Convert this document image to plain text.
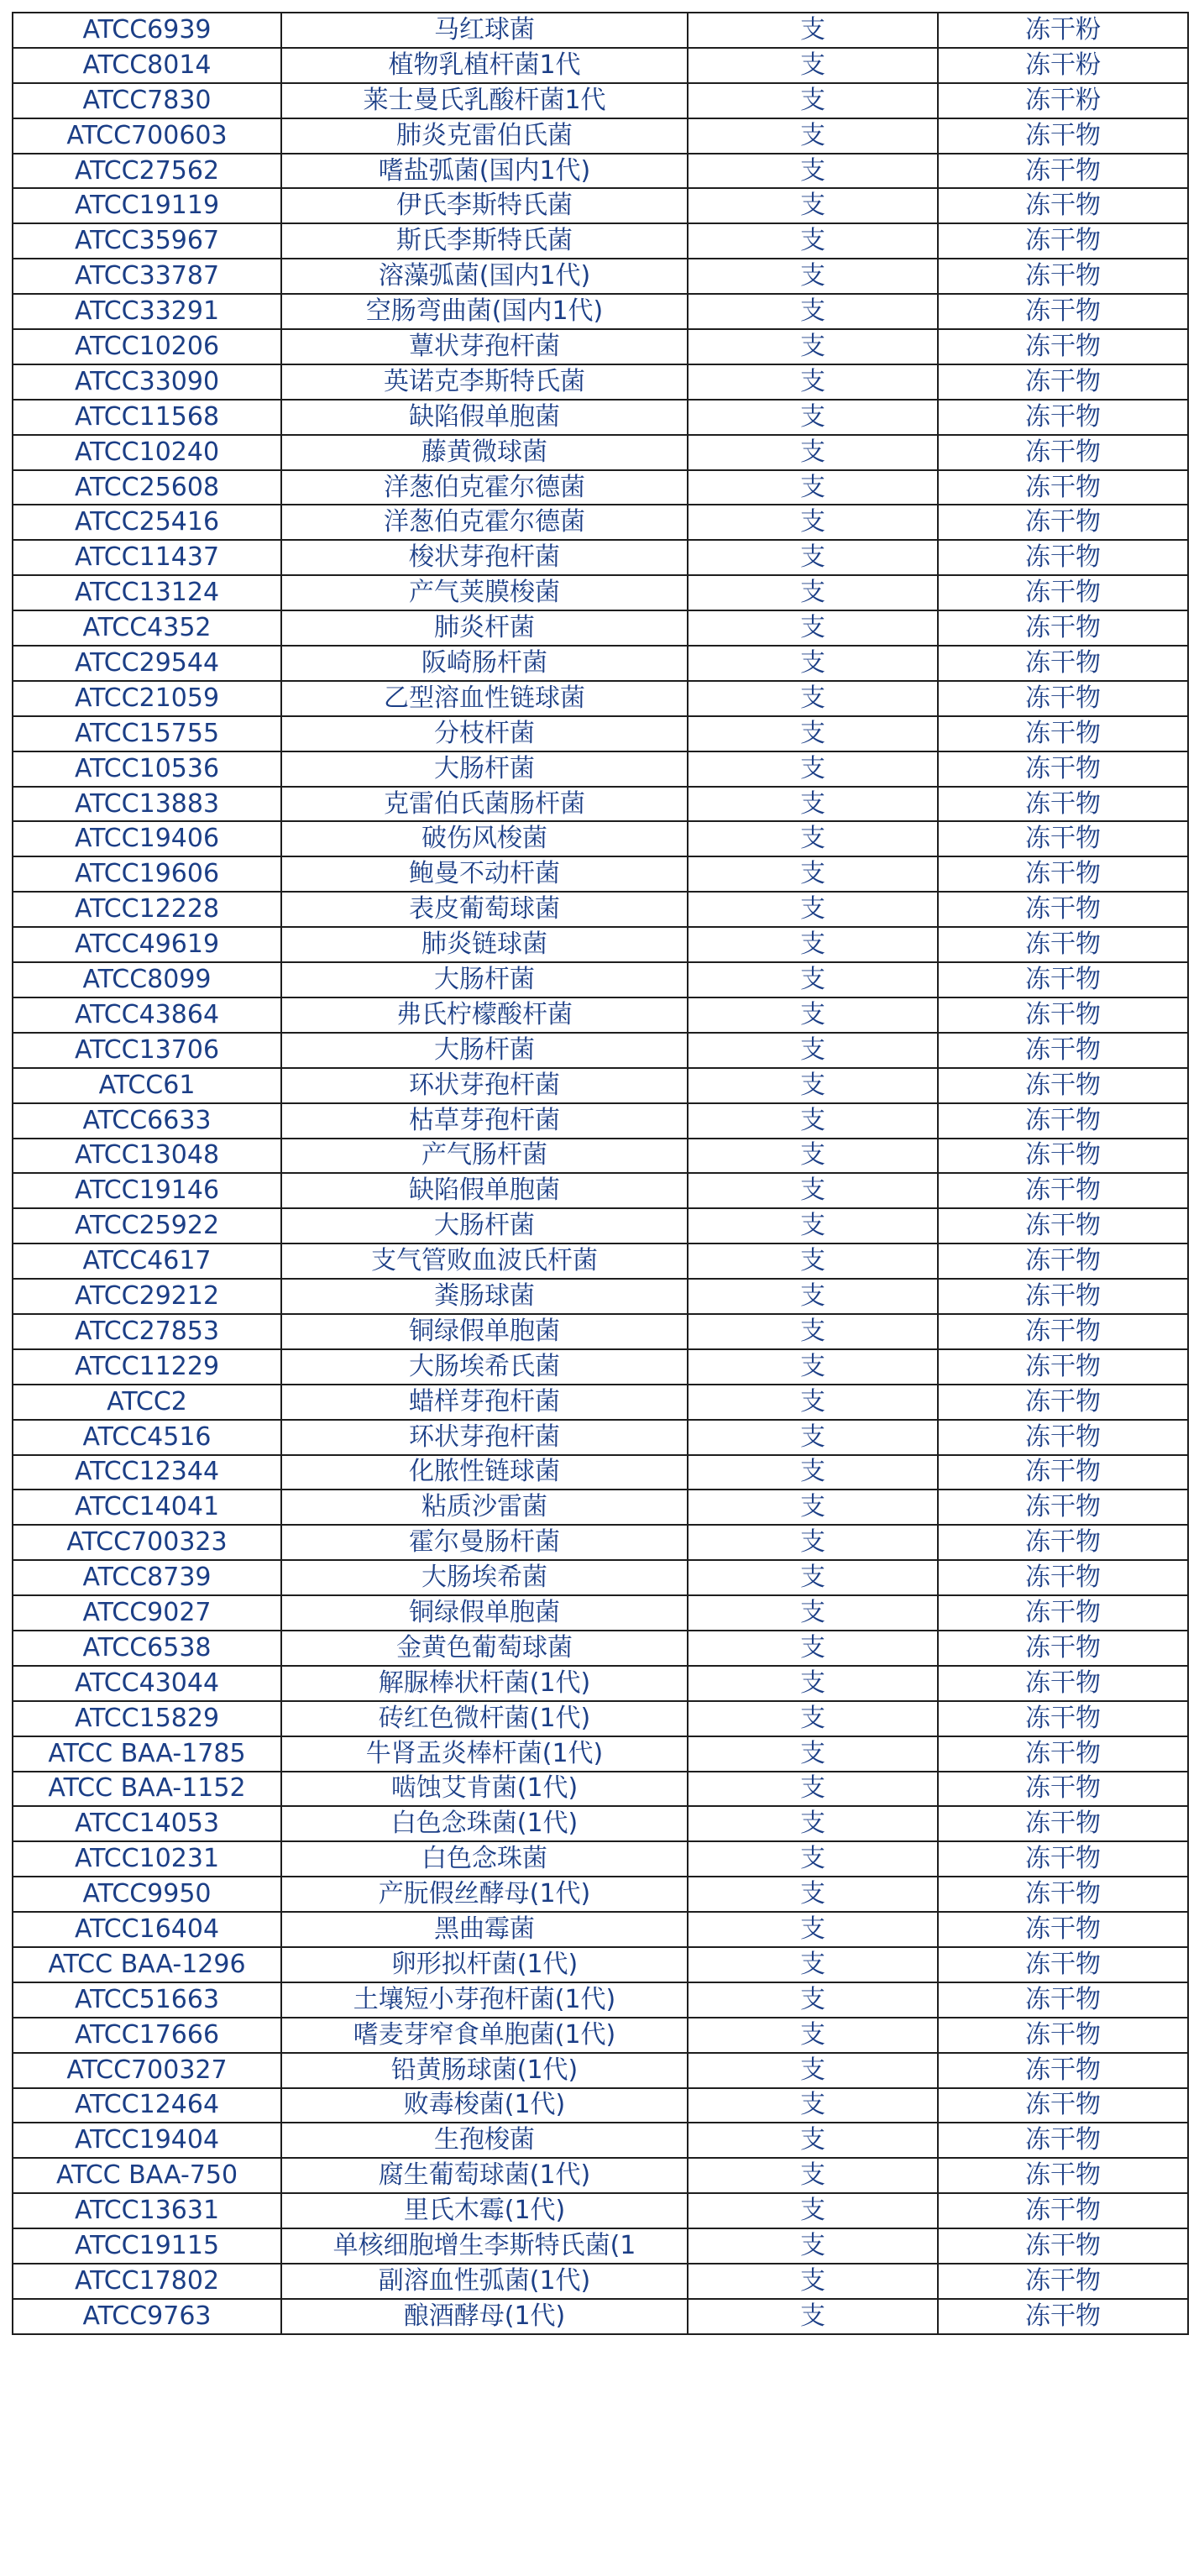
ATCC6939	马红球菌	支	冻干粉
ATCC8014	植物乳植杆菌1代	支	冻干粉
ATCC7830	莱士曼氏乳酸杆菌1代	支	冻干粉
ATCC700603	肺炎克雷伯氏菌	支	冻干物
ATCC27562	嗜盐弧菌(国内1代)	支	冻干物
ATCC19119	伊氏李斯特氏菌	支	冻干物
ATCC35967	斯氏李斯特氏菌	支	冻干物
ATCC33787	溶藻弧菌(国内1代)	支	冻干物
ATCC33291	空肠弯曲菌(国内1代)	支	冻干物
ATCC10206	蕈状芽孢杆菌	支	冻干物
ATCC33090	英诺克李斯特氏菌	支	冻干物
ATCC11568	缺陷假单胞菌	支	冻干物
ATCC10240	藤黄微球菌	支	冻干物
ATCC25608	洋葱伯克霍尔德菌	支	冻干物
ATCC25416	洋葱伯克霍尔德菌	支	冻干物
ATCC11437	梭状芽孢杆菌	支	冻干物
ATCC13124	产气荚膜梭菌	支	冻干物
ATCC4352	肺炎杆菌	支	冻干物
ATCC29544	阪崎肠杆菌	支	冻干物
ATCC21059	乙型溶血性链球菌	支	冻干物
ATCC15755	分枝杆菌	支	冻干物
ATCC10536	大肠杆菌	支	冻干物
ATCC13883	克雷伯氏菌肠杆菌	支	冻干物
ATCC19406	破伤风梭菌	支	冻干物
ATCC19606	鲍曼不动杆菌	支	冻干物
ATCC12228	表皮葡萄球菌	支	冻干物
ATCC49619	肺炎链球菌	支	冻干物
ATCC8099	大肠杆菌	支	冻干物
ATCC43864	弗氏柠檬酸杆菌	支	冻干物
ATCC13706	大肠杆菌	支	冻干物
ATCC61	环状芽孢杆菌	支	冻干物
ATCC6633	枯草芽孢杆菌	支	冻干物
ATCC13048	产气肠杆菌	支	冻干物
ATCC19146	缺陷假单胞菌	支	冻干物
ATCC25922	大肠杆菌	支	冻干物
ATCC4617	支气管败血波氏杆菌	支	冻干物
ATCC29212	粪肠球菌	支	冻干物
ATCC27853	铜绿假单胞菌	支	冻干物
ATCC11229	大肠埃希氏菌	支	冻干物
ATCC2	蜡样芽孢杆菌	支	冻干物
ATCC4516	环状芽孢杆菌	支	冻干物
ATCC12344	化脓性链球菌	支	冻干物
ATCC14041	粘质沙雷菌	支	冻干物
ATCC700323	霍尔曼肠杆菌	支	冻干物
ATCC8739	大肠埃希菌	支	冻干物
ATCC9027	铜绿假单胞菌	支	冻干物
ATCC6538	金黄色葡萄球菌	支	冻干物
ATCC43044	解脲棒状杆菌(1代)	支	冻干物
ATCC15829	砖红色微杆菌(1代)	支	冻干物
ATCC BAA-1785	牛肾盂炎棒杆菌(1代)	支	冻干物
ATCC BAA-1152	啮蚀艾肯菌(1代)	支	冻干物
ATCC14053	白色念珠菌(1代)	支	冻干物
ATCC10231	白色念珠菌	支	冻干物
ATCC9950	产朊假丝酵母(1代)	支	冻干物
ATCC16404	黑曲霉菌	支	冻干物
ATCC BAA-1296	卵形拟杆菌(1代)	支	冻干物
ATCC51663	土壤短小芽孢杆菌(1代)	支	冻干物
ATCC17666	嗜麦芽窄食单胞菌(1代)	支	冻干物
ATCC700327	铅黄肠球菌(1代)	支	冻干物
ATCC12464	败毒梭菌(1代)	支	冻干物
ATCC19404	生孢梭菌	支	冻干物
ATCC BAA-750	腐生葡萄球菌(1代)	支	冻干物
ATCC13631	里氏木霉(1代)	支	冻干物
ATCC19115	单核细胞增生李斯特氏菌(1	支	冻干物
ATCC17802	副溶血性弧菌(1代)	支	冻干物
ATCC9763	酿酒酵母(1代)	支	冻干物
